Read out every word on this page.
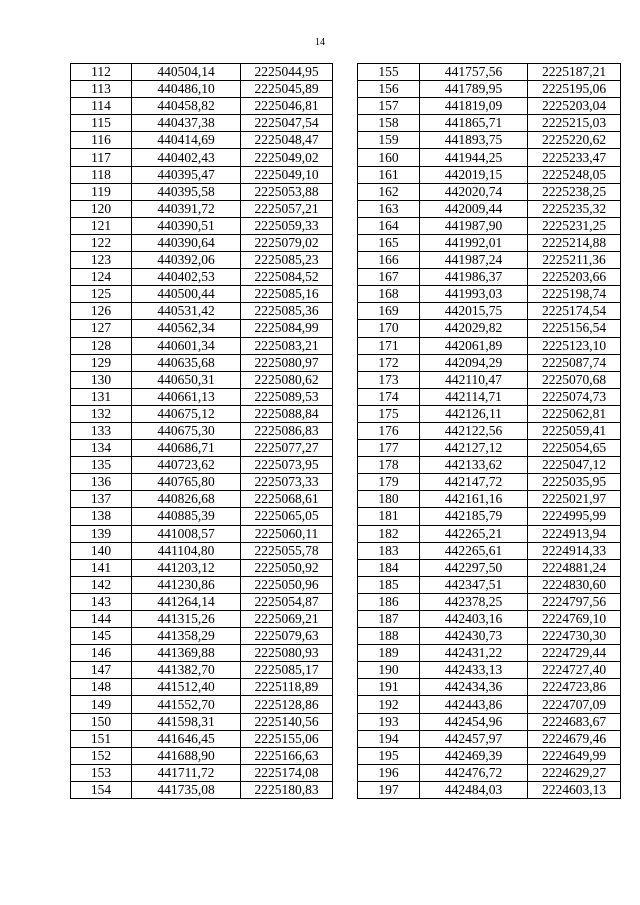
14
112	440504,14	2225044,95
113	440486,10	2225045,89
114	440458,82	2225046,81
115	440437,38	2225047,54
116	440414,69	2225048,47
117	440402,43	2225049,02
118	440395,47	2225049,10
119	440395,58	2225053,88
120	440391,72	2225057,21
121	440390,51	2225059,33
122	440390,64	2225079,02
123	440392,06	2225085,23
124	440402,53	2225084,52
125	440500,44	2225085,16
126	440531,42	2225085,36
127	440562,34	2225084,99
128	440601,34	2225083,21
129	440635,68	2225080,97
130	440650,31	2225080,62
131	440661,13	2225089,53
132	440675,12	2225088,84
133	440675,30	2225086,83
134	440686,71	2225077,27
135	440723,62	2225073,95
136	440765,80	2225073,33
137	440826,68	2225068,61
138	440885,39	2225065,05
139	441008,57	2225060,11
140	441104,80	2225055,78
141	441203,12	2225050,92
142	441230,86	2225050,96
143	441264,14	2225054,87
144	441315,26	2225069,21
145	441358,29	2225079,63
146	441369,88	2225080,93
147	441382,70	2225085,17
148	441512,40	2225118,89
149	441552,70	2225128,86
150	441598,31	2225140,56
151	441646,45	2225155,06
152	441688,90	2225166,63
153	441711,72	2225174,08
154	441735,08	2225180,83
155	441757,56	2225187,21
156	441789,95	2225195,06
157	441819,09	2225203,04
158	441865,71	2225215,03
159	441893,75	2225220,62
160	441944,25	2225233,47
161	442019,15	2225248,05
162	442020,74	2225238,25
163	442009,44	2225235,32
164	441987,90	2225231,25
165	441992,01	2225214,88
166	441987,24	2225211,36
167	441986,37	2225203,66
168	441993,03	2225198,74
169	442015,75	2225174,54
170	442029,82	2225156,54
171	442061,89	2225123,10
172	442094,29	2225087,74
173	442110,47	2225070,68
174	442114,71	2225074,73
175	442126,11	2225062,81
176	442122,56	2225059,41
177	442127,12	2225054,65
178	442133,62	2225047,12
179	442147,72	2225035,95
180	442161,16	2225021,97
181	442185,79	2224995,99
182	442265,21	2224913,94
183	442265,61	2224914,33
184	442297,50	2224881,24
185	442347,51	2224830,60
186	442378,25	2224797,56
187	442403,16	2224769,10
188	442430,73	2224730,30
189	442431,22	2224729,44
190	442433,13	2224727,40
191	442434,36	2224723,86
192	442443,86	2224707,09
193	442454,96	2224683,67
194	442457,97	2224679,46
195	442469,39	2224649,99
196	442476,72	2224629,27
197	442484,03	2224603,13
